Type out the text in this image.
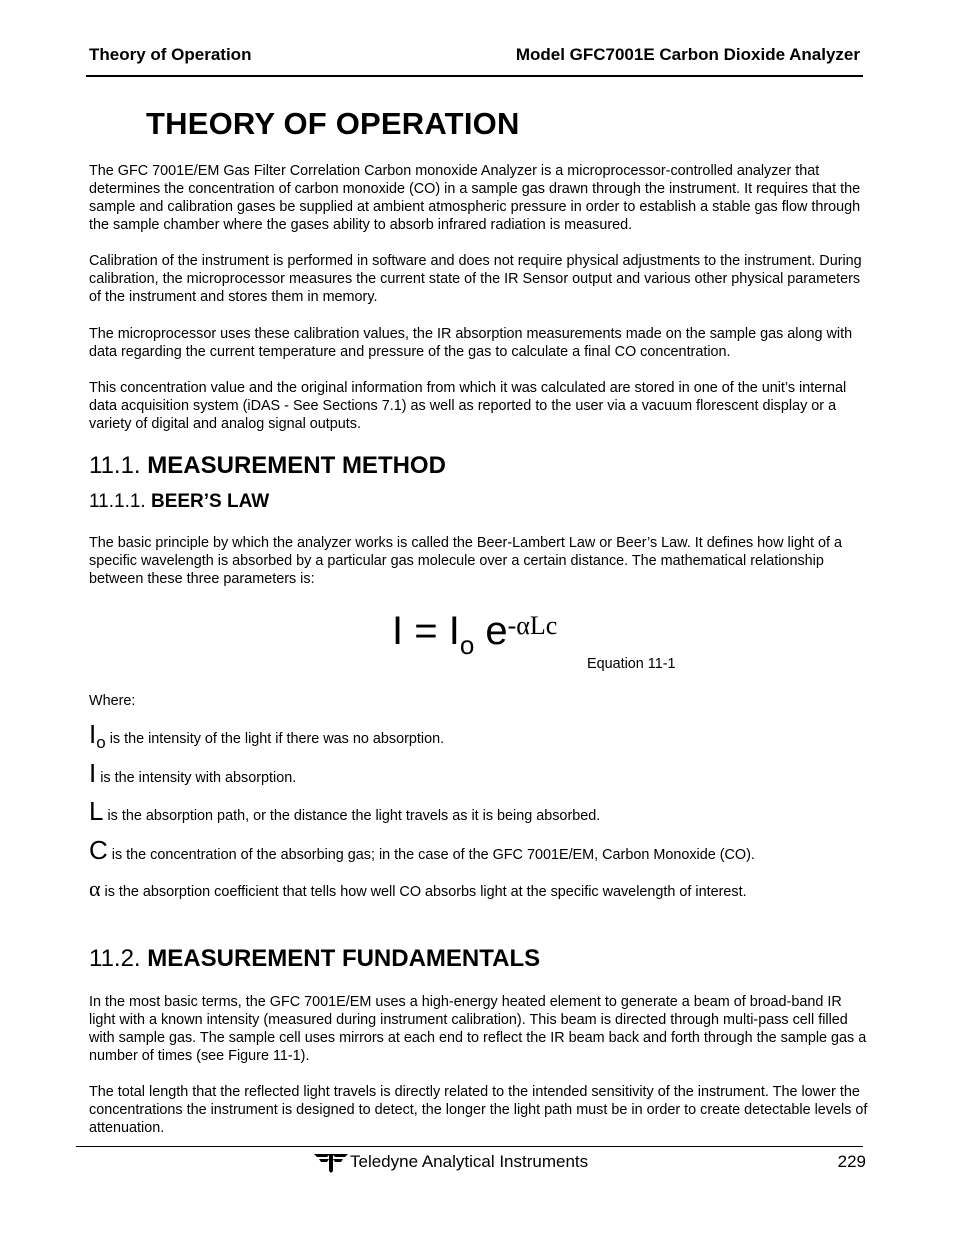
Theory of Operation	Model GFC7001E Carbon Dioxide Analyzer
THEORY OF OPERATION
The GFC 7001E/EM Gas Filter Correlation Carbon monoxide Analyzer is a microprocessor-controlled analyzer that determines the concentration of carbon monoxide (CO) in a sample gas drawn through the instrument. It requires that the sample and calibration gases be supplied at ambient atmospheric pressure in order to establish a stable gas flow through the sample chamber where the gases ability to absorb infrared radiation is measured.
Calibration of the instrument is performed in software and does not require physical adjustments to the instrument. During calibration, the microprocessor measures the current state of the IR Sensor output and various other physical parameters of the instrument and stores them in memory.
The microprocessor uses these calibration values, the IR absorption measurements made on the sample gas along with data regarding the current temperature and pressure of the gas to calculate a final CO concentration.
This concentration value and the original information from which it was calculated are stored in one of the unit’s internal data acquisition system (iDAS - See Sections 7.1) as well as reported to the user via a vacuum florescent display or a variety of digital and analog signal outputs.
11.1. MEASUREMENT METHOD
11.1.1. BEER’S LAW
The basic principle by which the analyzer works is called the Beer-Lambert Law or Beer’s Law. It defines how light of a specific wavelength is absorbed by a particular gas molecule over a certain distance. The mathematical relationship between these three parameters is:
$I = I_o$ $e^{-\alpha Lc}$
Equation 11-1
Where:
Io is the intensity of the light if there was no absorption.
I is the intensity with absorption.
L is the absorption path, or the distance the light travels as it is being absorbed.
C is the concentration of the absorbing gas; in the case of the GFC 7001E/EM, Carbon Monoxide (CO).
α is the absorption coefficient that tells how well CO absorbs light at the specific wavelength of interest.
11.2. MEASUREMENT FUNDAMENTALS
In the most basic terms, the GFC 7001E/EM uses a high-energy heated element to generate a beam of broad-band IR light with a known intensity (measured during instrument calibration). This beam is directed through multi-pass cell filled with sample gas. The sample cell uses mirrors at each end to reflect the IR beam back and forth through the sample gas a number of times (see Figure 11-1).
The total length that the reflected light travels is directly related to the intended sensitivity of the instrument. The lower the concentrations the instrument is designed to detect, the longer the light path must be in order to create detectable levels of attenuation.
Teledyne Analytical Instruments	229
